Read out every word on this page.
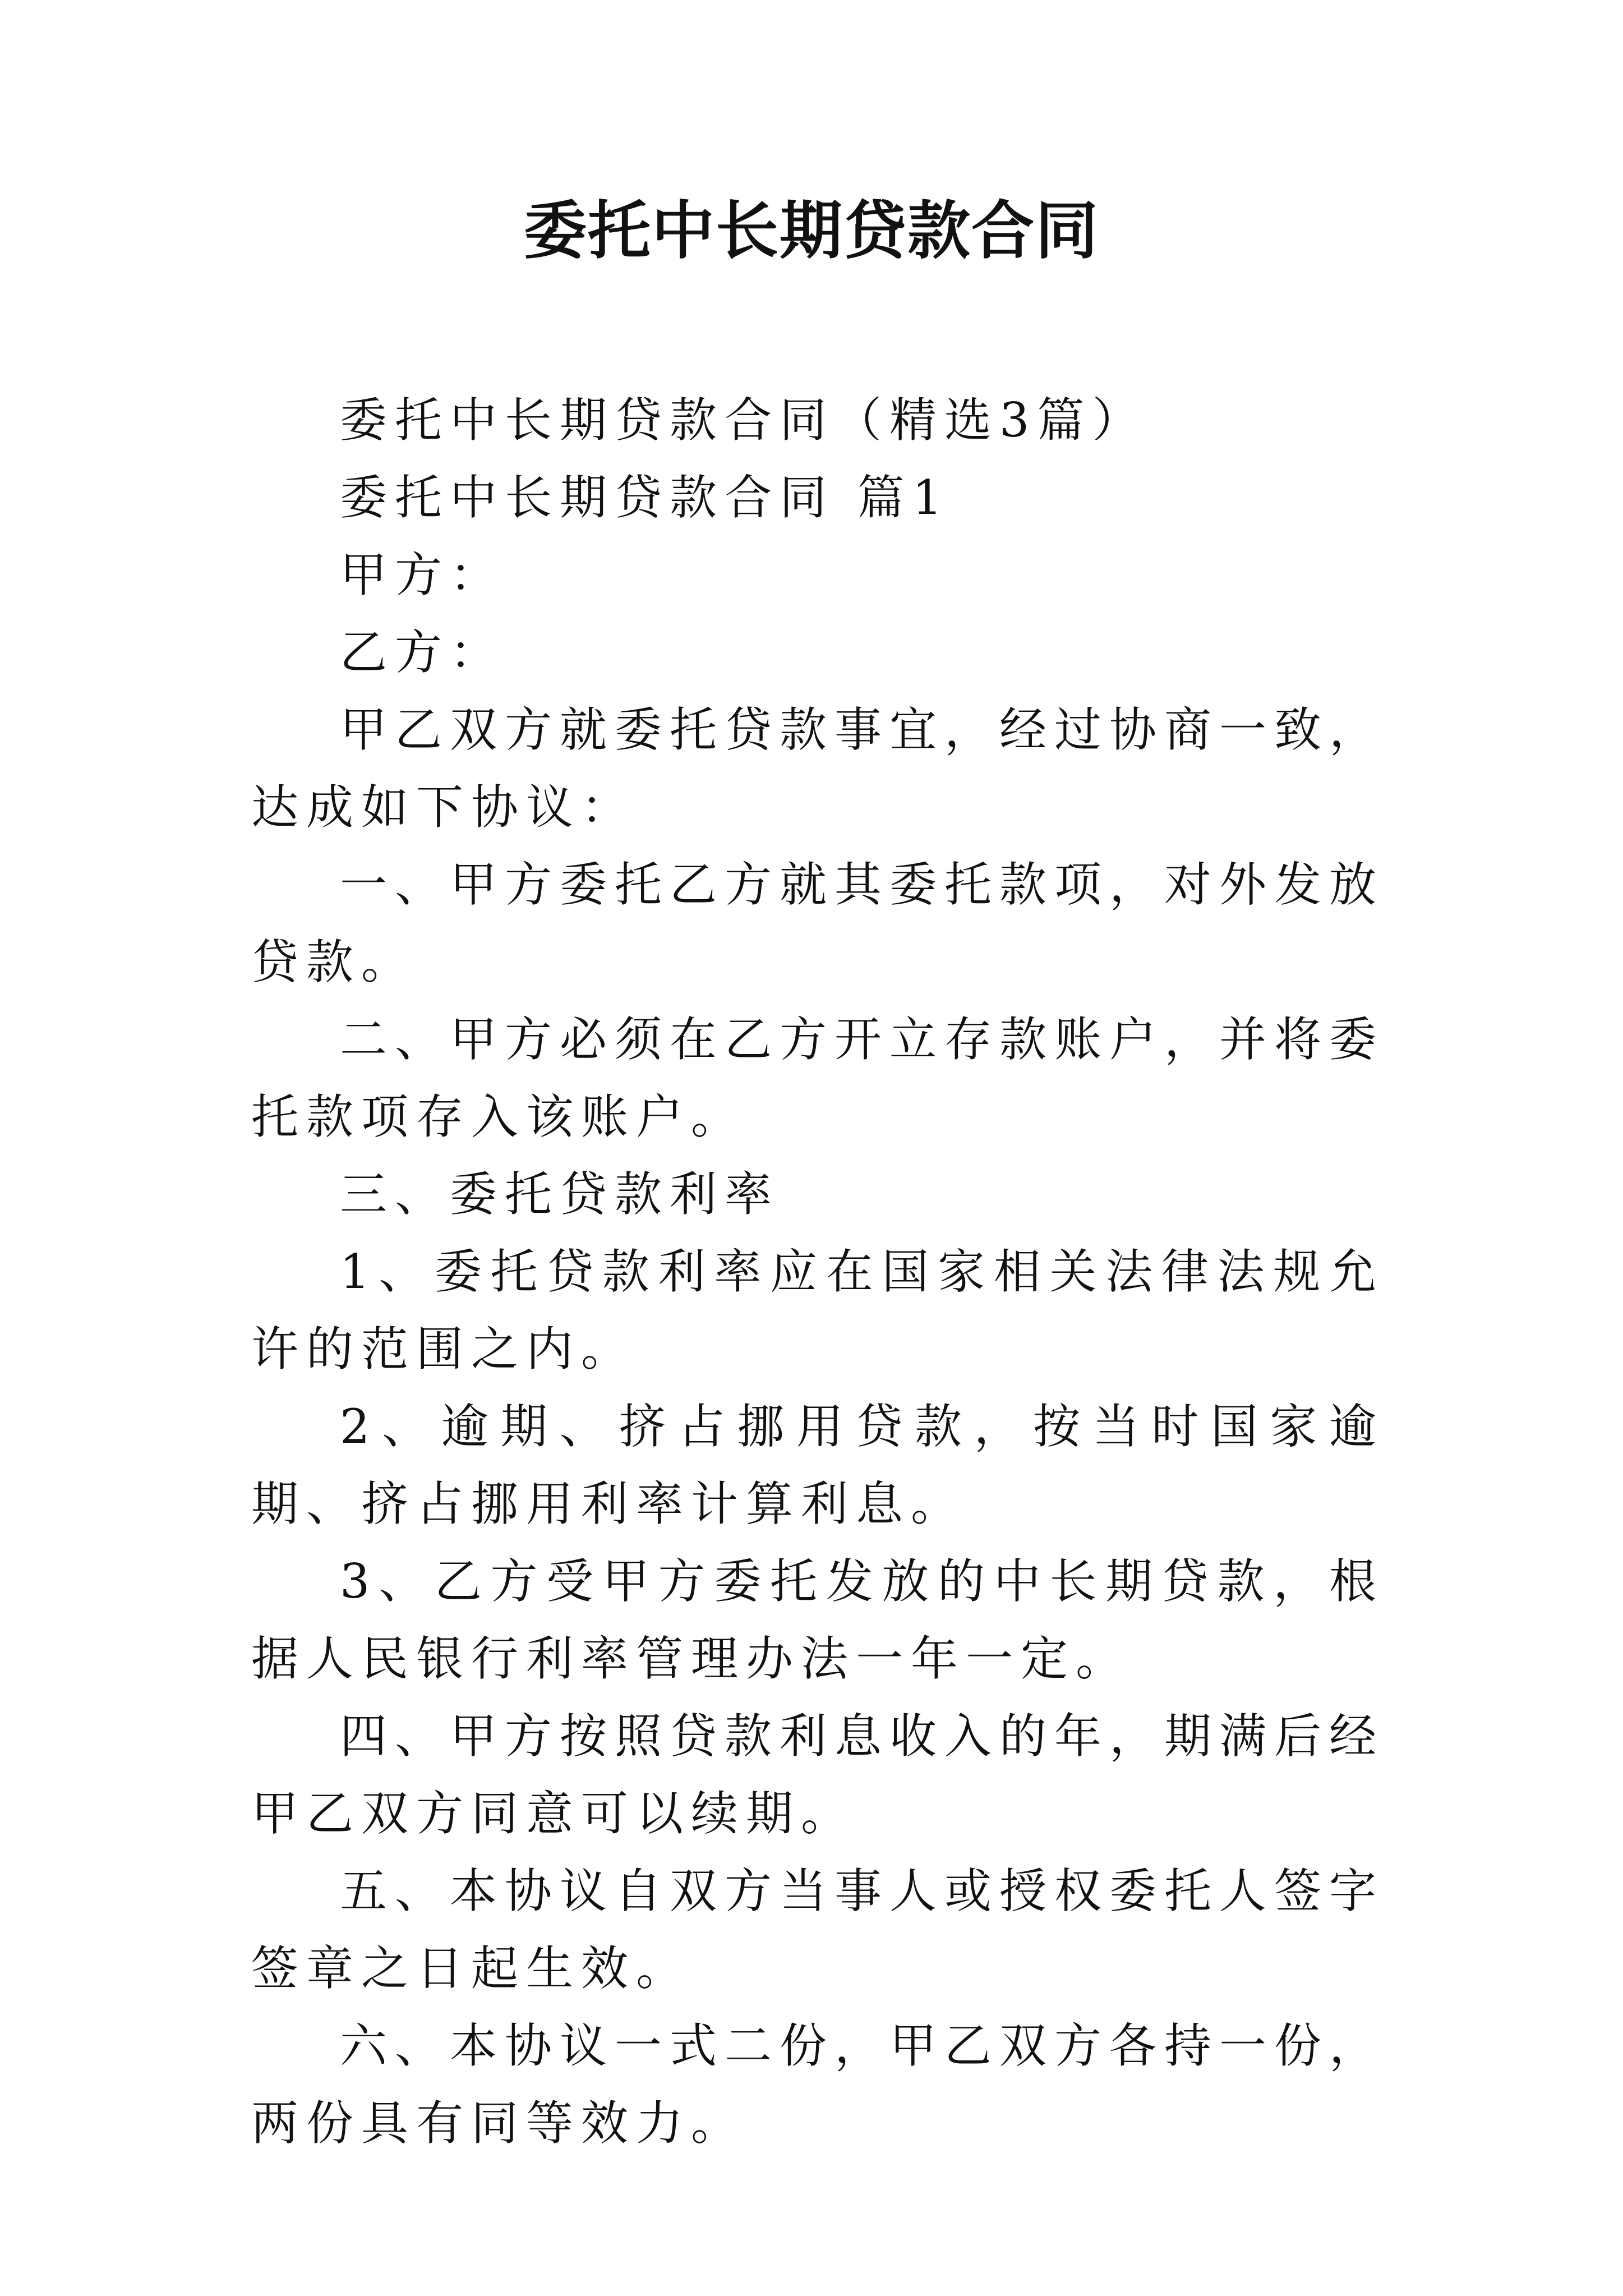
委托中长期贷款合同

委托中长期贷款合同（精选3篇）

委托中长期贷款合同 篇1

甲方：

乙方：

甲乙双方就委托贷款事宜，经过协商一致，达成如下协议：

一、甲方委托乙方就其委托款项，对外发放贷款。

二、甲方必须在乙方开立存款账户，并将委托款项存入该账户。

三、委托贷款利率

1、委托贷款利率应在国家相关法律法规允许的范围之内。

2、逾期、挤占挪用贷款，按当时国家逾期、挤占挪用利率计算利息。

3、乙方受甲方委托发放的中长期贷款，根据人民银行利率管理办法一年一定。

四、甲方按照贷款利息收入的年，期满后经甲乙双方同意可以续期。

五、本协议自双方当事人或授权委托人签字签章之日起生效。

六、本协议一式二份，甲乙双方各持一份，两份具有同等效力。
